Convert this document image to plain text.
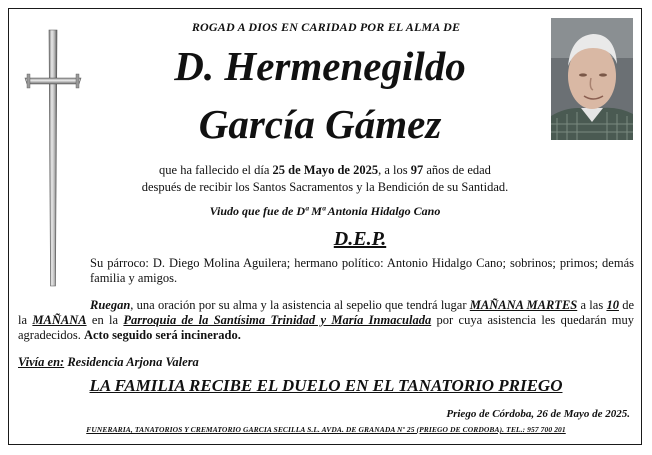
ROGAD A DIOS EN CARIDAD POR EL ALMA DE
D. Hermenegildo
García Gámez
que ha fallecido el día 25 de Mayo de 2025, a los 97 años de edad
después de recibir los Santos Sacramentos y la Bendición de su Santidad.
Viudo que fue de Dª Mª Antonia Hidalgo Cano
D.E.P.
Su párroco: D. Diego Molina Aguilera; hermano político: Antonio Hidalgo Cano; sobrinos; primos; demás familia y amigos.
Ruegan, una oración por su alma y la asistencia al sepelio que tendrá lugar MAÑANA MARTES a las 10 de la MAÑANA en la Parroquia de la Santísima Trinidad y María Inmaculada por cuya asistencia les quedarán muy agradecidos. Acto seguido será incinerado.
Vivía en: Residencia Arjona Valera
LA FAMILIA RECIBE EL DUELO EN EL TANATORIO PRIEGO
Priego de Córdoba, 26 de Mayo de 2025.
FUNERARIA, TANATORIOS Y CREMATORIO GARCIA SECILLA S.L. AVDA. DE GRANADA Nº 25 (PRIEGO DE CORDOBA). TEL.: 957 700 201
